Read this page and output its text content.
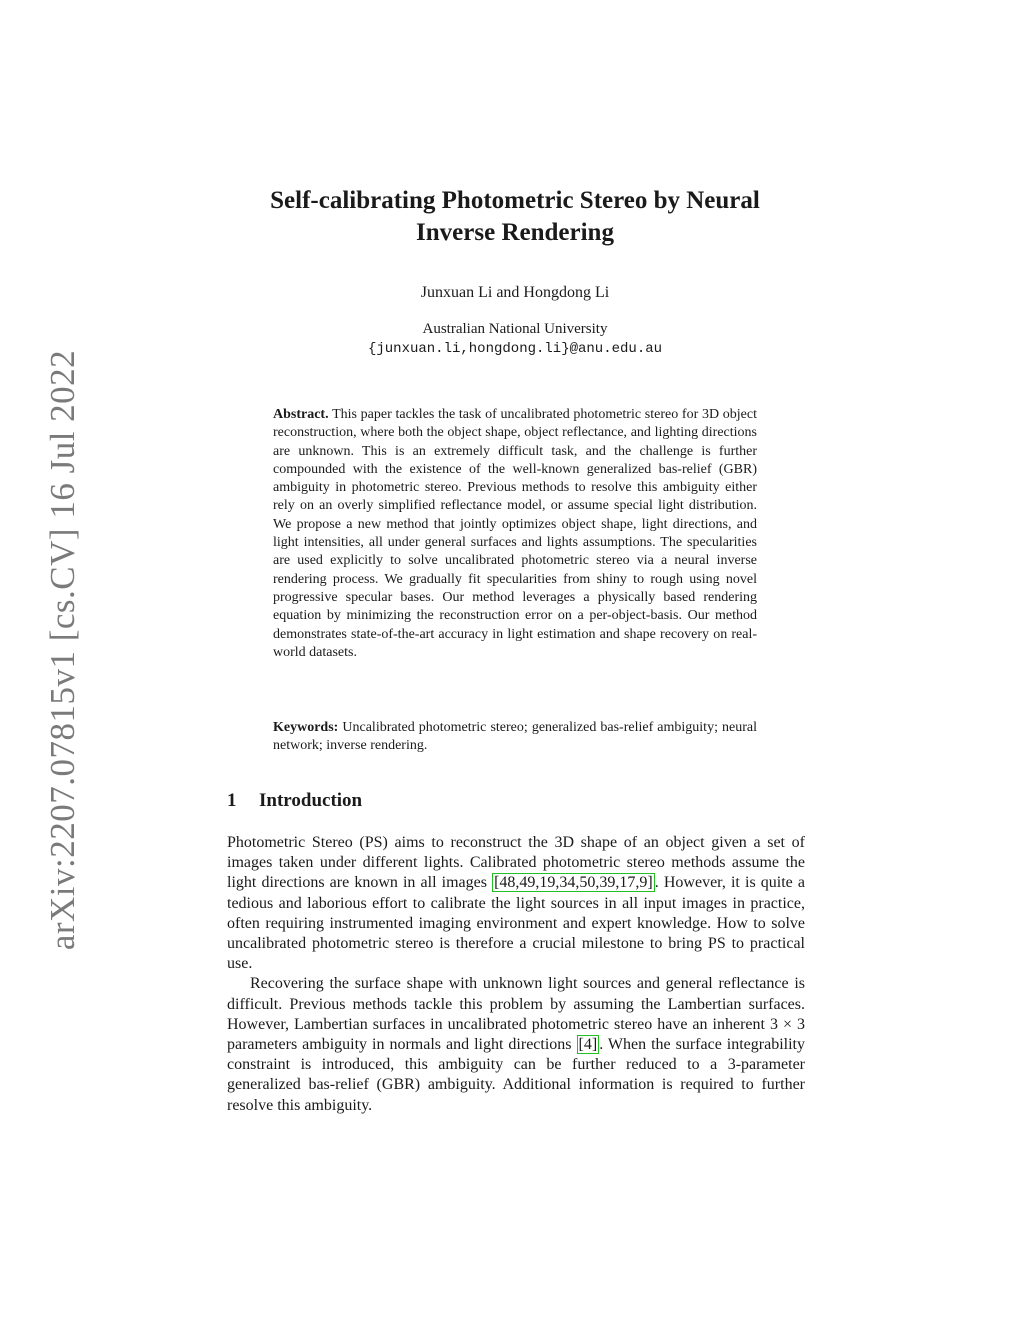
arXiv:2207.07815v1 [cs.CV] 16 Jul 2022
Self-calibrating Photometric Stereo by Neural
Inverse Rendering
Junxuan Li and Hongdong Li
Australian National University
{junxuan.li,hongdong.li}@anu.edu.au
Abstract. This paper tackles the task of uncalibrated photometric stereo for 3D object reconstruction, where both the object shape, object reflectance, and lighting directions are unknown. This is an extremely difficult task, and the challenge is further compounded with the existence of the well-known generalized bas-relief (GBR) ambiguity in photometric stereo. Previous methods to resolve this ambiguity either rely on an overly simplified reflectance model, or assume special light distribution. We propose a new method that jointly optimizes object shape, light directions, and light intensities, all under general surfaces and lights assumptions. The specularities are used explicitly to solve uncalibrated photometric stereo via a neural inverse rendering process. We gradually fit specularities from shiny to rough using novel progressive specular bases. Our method leverages a physically based rendering equation by minimizing the reconstruction error on a per-object-basis. Our method demonstrates state-of-the-art accuracy in light estimation and shape recovery on real-world datasets.
Keywords: Uncalibrated photometric stereo; generalized bas-relief ambiguity; neural network; inverse rendering.
1 Introduction

Photometric Stereo (PS) aims to reconstruct the 3D shape of an object given a set of images taken under different lights. Calibrated photometric stereo methods assume the light directions are known in all images [48,49,19,34,50,39,17,9] . However, it is quite a tedious and laborious effort to calibrate the light sources in all input images in practice, often requiring instrumented imaging environment and expert knowledge. How to solve uncalibrated photometric stereo is therefore a crucial milestone to bring PS to practical use.

Recovering the surface shape with unknown light sources and general reflectance is difficult. Previous methods tackle this problem by assuming the Lambertian surfaces. However, Lambertian surfaces in uncalibrated photometric stereo have an inherent 3 × 3 parameters ambiguity in normals and light directions [4] . When the surface integrability constraint is introduced, this ambiguity can be further reduced to a 3-parameter generalized bas-relief (GBR) ambiguity. Additional information is required to further resolve this ambiguity.
